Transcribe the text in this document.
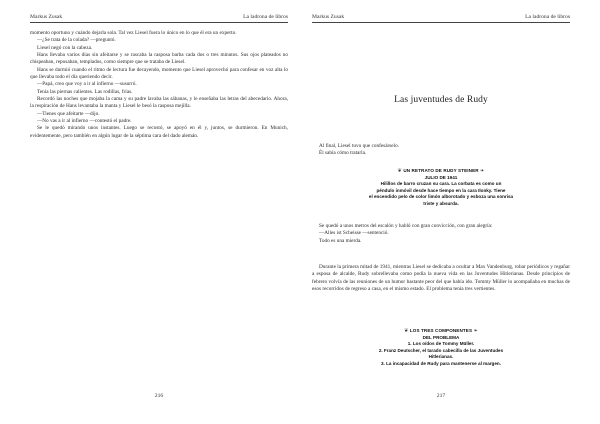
Markus Zusak	La ladrona de libros

momento oportuno y cuándo dejarla sola. Tal vez Liesel fuera lo único en lo que él era un experto.

—¿Se trata de la colada? —preguntó.

Liesel negó con la cabeza.

Hans llevaba varios días sin afeitarse y se rascaba la rasposa barba cada dos o tres minutos. Sus ojos plateados no chispeaban, reposaban, templados, como siempre que se trataba de Liesel.

Hans se durmió cuando el ritmo de lectura fue decayendo, momento que Liesel aprovechó para confesar en voz alta lo que llevaba todo el día queriendo decir.

—Papá, creo que voy a ir al infierno —susurró.

Tenía las piernas calientes. Las rodillas, frías.

Recordó las noches que mojaba la cama y su padre lavaba las sábanas, y le enseñaba las letras del abecedario. Ahora, la respiración de Hans levantaba la manta y Liesel le besó la rasposa mejilla.

—Tienes que afeitarte —dijo.

—No vas a ir al infierno —contestó el padre.

Se le quedó mirando unos instantes. Luego se recostó, se apoyó en él y, juntos, se durmieron. En Munich, evidentemente, pero también en algún lugar de la séptima cara del dado alemán.

216
Markus Zusak	La ladrona de libros
Las juventudes de Rudy

Al final, Liesel tuvo que confesárselo.

Él sabía cómo tratarla.

❦ UN RETRATO DE RUDY STEINER ❧
JULIO DE 1941
Hilillos de barro cruzan su cara. La corbata es como un
péndulo inmóvil desde hace tiempo en la cara Ilonky. Tiene
el encendido pelo de color limón alborotado y esboza una sonrisa
triste y absurda.

Se quedó a unos metros del escalón y habló con gran convicción, con gran alegría:

—Alles ist Scheisse —sentenció.

Todo es una mierda.

Durante la primera mitad de 1941, mientras Liesel se dedicaba a ocultar a Max Vandenburg, robar periódicos y regañar a esposa de alcalde, Rudy sobrellevaba como podía la nueva vida en las Juventudes Hitlerianas. Desde principios de febrero volvía de las reuniones de un humor bastante peor del que había ido. Tommy Müller lo acompañaba en muchas de esos recorridos de regreso a casa, en el mismo estado. El problema tenía tres vertientes.

❦ LOS TRES COMPONENTES ❧
DEL PROBLEMA
1. Los oídos de Tommy Müller.
2. Franz Deutscher, el tarado cabecilla de las Juventudes
Hitlerianas.
3. La incapacidad de Rudy para mantenerse al margen.
217
